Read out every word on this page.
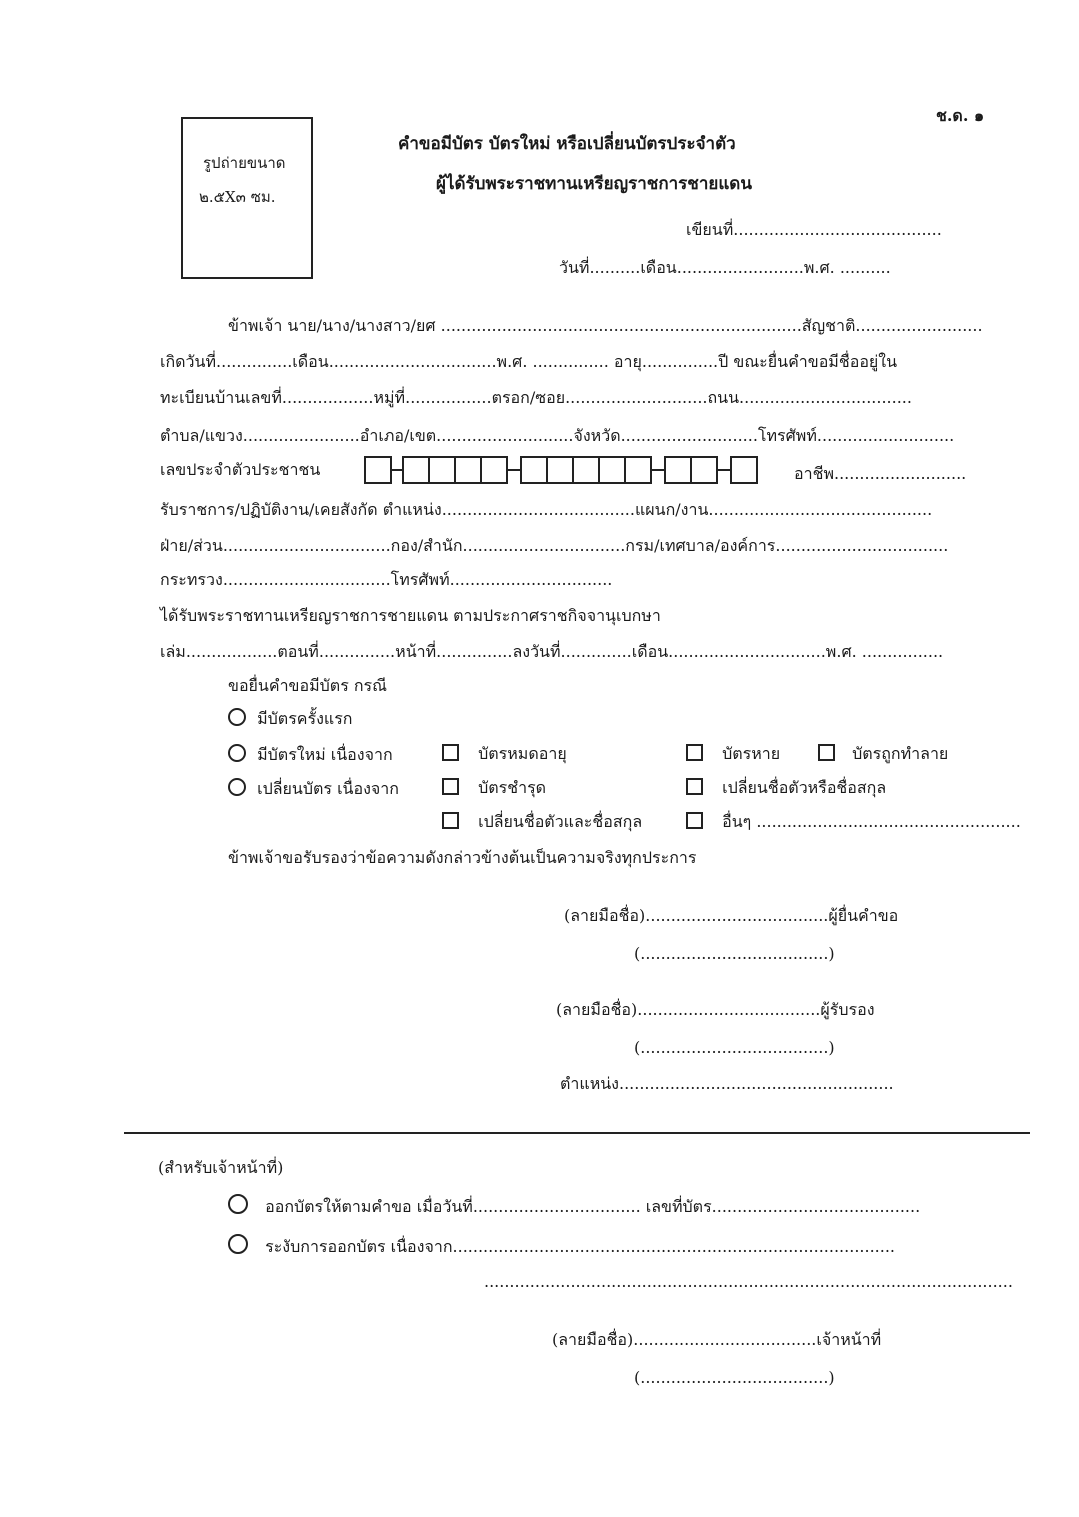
ช.ด. ๑
รูปถ่ายขนาด
๒.๕X๓ ซม.
คำขอมีบัตร บัตรใหม่ หรือเปลี่ยนบัตรประจำตัว
ผู้ได้รับพระราชทานเหรียญราชการชายแดน
เขียนที่.........................................
วันที่..........เดือน.........................พ.ศ. ..........
ข้าพเจ้า นาย/นาง/นางสาว/ยศ .......................................................................สัญชาติ.........................
เกิดวันที่...............เดือน.................................พ.ศ. ............... อายุ...............ปี ขณะยื่นคำขอมีชื่ออยู่ใน
ทะเบียนบ้านเลขที่..................หมู่ที่.................ตรอก/ซอย............................ถนน..................................
ตำบล/แขวง.......................อำเภอ/เขต...........................จังหวัด...........................โทรศัพท์...........................
เลขประจำตัวประชาชน	อาชีพ..........................
รับราชการ/ปฏิบัติงาน/เคยสังกัด ตำแหน่ง......................................แผนก/งาน............................................
ฝ่าย/ส่วน.................................กอง/สำนัก................................กรม/เทศบาล/องค์การ..................................
กระทรวง.................................โทรศัพท์................................
ได้รับพระราชทานเหรียญราชการชายแดน ตามประกาศราชกิจจานุเบกษา
เล่ม..................ตอนที่...............หน้าที่...............ลงวันที่..............เดือน...............................พ.ศ. ................
ขอยื่นคำขอมีบัตร กรณี
มีบัตรครั้งแรก
มีบัตรใหม่ เนื่องจาก
เปลี่ยนบัตร เนื่องจาก
บัตรหมดอายุ	บัตรหาย	บัตรถูกทำลาย
บัตรชำรุด	เปลี่ยนชื่อตัวหรือชื่อสกุล
เปลี่ยนชื่อตัวและชื่อสกุล	อื่นๆ ....................................................
ข้าพเจ้าขอรับรองว่าข้อความดังกล่าวข้างต้นเป็นความจริงทุกประการ
(ลายมือชื่อ)....................................ผู้ยื่นคำขอ
(.....................................)
(ลายมือชื่อ)....................................ผู้รับรอง
(.....................................)
ตำแหน่ง......................................................
(สำหรับเจ้าหน้าที่)
ออกบัตรให้ตามคำขอ เมื่อวันที่................................. เลขที่บัตร.........................................
ระงับการออกบัตร เนื่องจาก.......................................................................................
........................................................................................................
(ลายมือชื่อ)....................................เจ้าหน้าที่
(.....................................)
